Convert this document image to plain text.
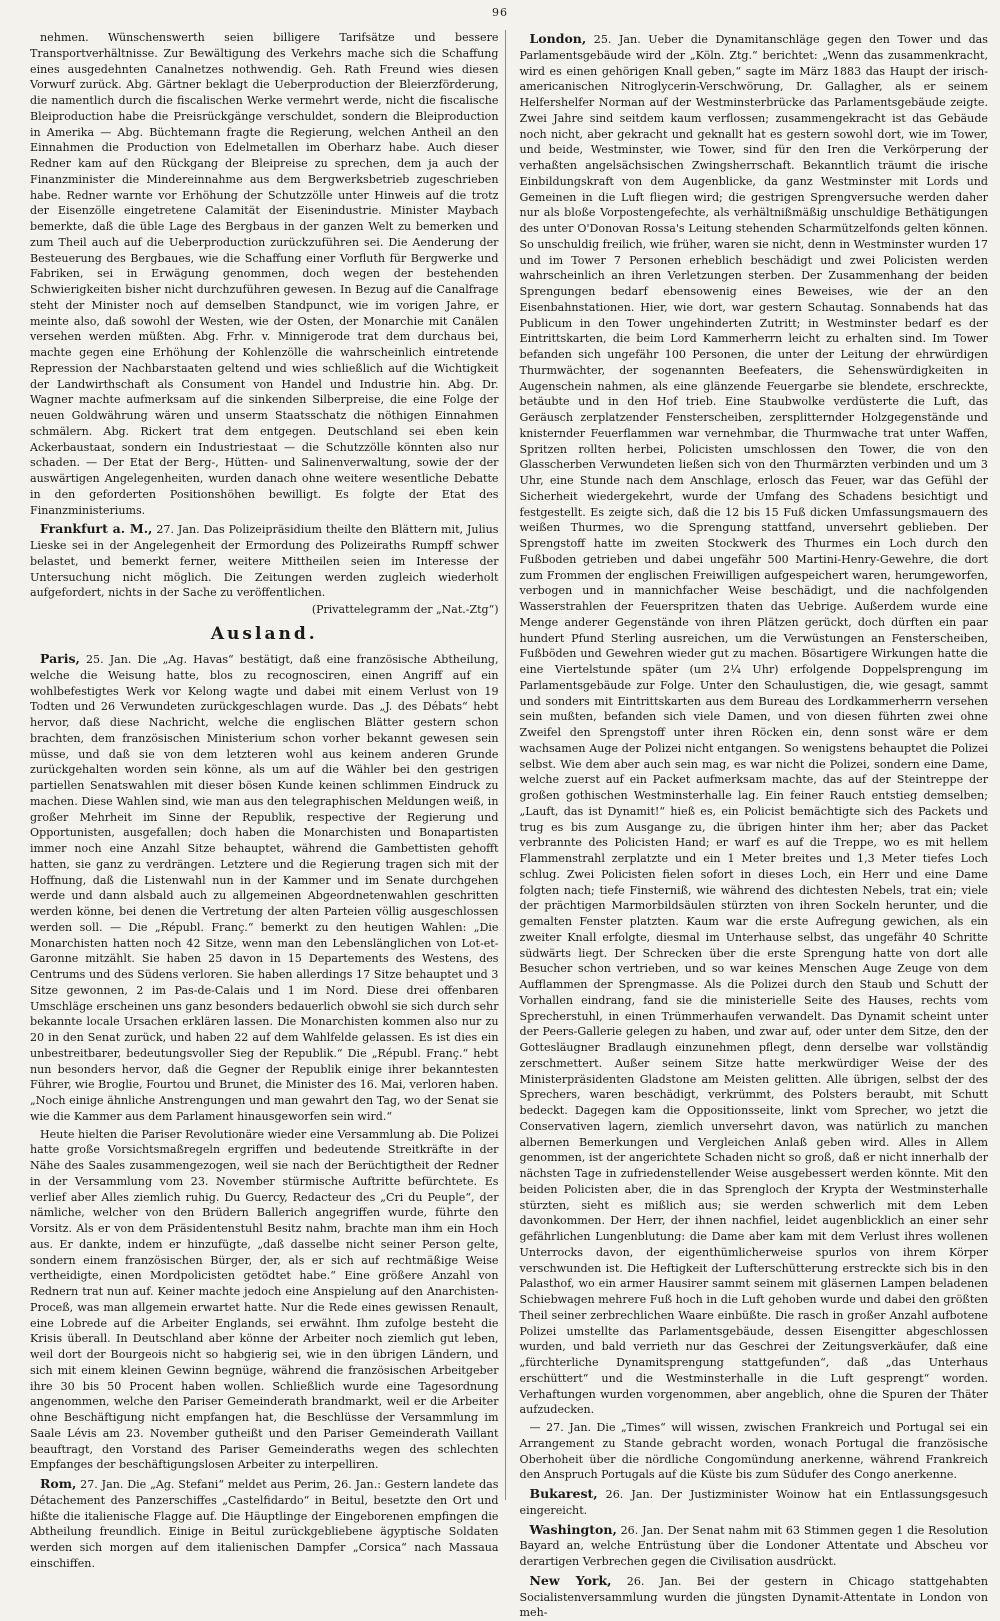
96

nehmen. Wünschenswerth seien billigere Tarifsätze und bessere Transportverhältnisse. Zur Bewältigung des Verkehrs mache sich die Schaffung eines ausgedehnten Canalnetzes nothwendig. Geh. Rath Freund wies diesen Vorwurf zurück. Abg. Gärtner beklagt die Ueberproduction der Bleierzförderung, die namentlich durch die fiscalischen Werke vermehrt werde, nicht die fiscalische Bleiproduction habe die Preisrückgänge verschuldet, sondern die Bleiproduction in Amerika — Abg. Büchtemann fragte die Regierung, welchen Antheil an den Einnahmen die Production von Edelmetallen im Oberharz habe. Auch dieser Redner kam auf den Rückgang der Bleipreise zu sprechen, dem ja auch der Finanzminister die Mindereinnahme aus dem Bergwerksbetrieb zugeschrieben habe. Redner warnte vor Erhöhung der Schutzzölle unter Hinweis auf die trotz der Eisenzölle eingetretene Calamität der Eisenindustrie. Minister Maybach bemerkte, daß die üble Lage des Bergbaus in der ganzen Welt zu bemerken und zum Theil auch auf die Ueberproduction zurückzuführen sei. Die Aenderung der Besteuerung des Bergbaues, wie die Schaffung einer Vorfluth für Bergwerke und Fabriken, sei in Erwägung genommen, doch wegen der bestehenden Schwierigkeiten bisher nicht durchzuführen gewesen. In Bezug auf die Canalfrage steht der Minister noch auf demselben Standpunct, wie im vorigen Jahre, er meinte also, daß sowohl der Westen, wie der Osten, der Monarchie mit Canälen versehen werden müßten. Abg. Frhr. v. Minnigerode trat dem durchaus bei, machte gegen eine Erhöhung der Kohlenzölle die wahrscheinlich eintretende Repression der Nachbarstaaten geltend und wies schließlich auf die Wichtigkeit der Landwirthschaft als Consument von Handel und Industrie hin. Abg. Dr. Wagner machte aufmerksam auf die sinkenden Silberpreise, die eine Folge der neuen Goldwährung wären und unserm Staatsschatz die nöthigen Einnahmen schmälern. Abg. Rickert trat dem entgegen. Deutschland sei eben kein Ackerbaustaat, sondern ein Industriestaat — die Schutzzölle könnten also nur schaden. — Der Etat der Berg-, Hütten- und Salinenverwaltung, sowie der der auswärtigen Angelegenheiten, wurden danach ohne weitere wesentliche Debatte in den geforderten Positionshöhen bewilligt. Es folgte der Etat des Finanzministeriums.

Frankfurt a. M., 27. Jan. Das Polizeipräsidium theilte den Blättern mit, Julius Lieske sei in der Angelegenheit der Ermordung des Polizeiraths Rumpff schwer belastet, und bemerkt ferner, weitere Mittheilen seien im Interesse der Untersuchung nicht möglich. Die Zeitungen werden zugleich wiederholt aufgefordert, nichts in der Sache zu veröffentlichen.

(Privattelegramm der „Nat.-Ztg“)
Ausland.

Paris, 25. Jan. Die „Ag. Havas“ bestätigt, daß eine französische Abtheilung, welche die Weisung hatte, blos zu recognosciren, einen Angriff auf ein wohlbefestigtes Werk vor Kelong wagte und dabei mit einem Verlust von 19 Todten und 26 Verwundeten zurückgeschlagen wurde. Das „J. des Débats“ hebt hervor, daß diese Nachricht, welche die englischen Blätter gestern schon brachten, dem französischen Ministerium schon vorher bekannt gewesen sein müsse, und daß sie von dem letzteren wohl aus keinem anderen Grunde zurückgehalten worden sein könne, als um auf die Wähler bei den gestrigen partiellen Senatswahlen mit dieser bösen Kunde keinen schlimmen Eindruck zu machen. Diese Wahlen sind, wie man aus den telegraphischen Meldungen weiß, in großer Mehrheit im Sinne der Republik, respective der Regierung und Opportunisten, ausgefallen; doch haben die Monarchisten und Bonapartisten immer noch eine Anzahl Sitze behauptet, während die Gambettisten gehofft hatten, sie ganz zu verdrängen. Letztere und die Regierung tragen sich mit der Hoffnung, daß die Listenwahl nun in der Kammer und im Senate durchgehen werde und dann alsbald auch zu allgemeinen Abgeordnetenwahlen geschritten werden könne, bei denen die Vertretung der alten Parteien völlig ausgeschlossen werden soll. — Die „Républ. Franç.“ bemerkt zu den heutigen Wahlen: „Die Monarchisten hatten noch 42 Sitze, wenn man den Lebenslänglichen von Lot-et-Garonne mitzählt. Sie haben 25 davon in 15 Departements des Westens, des Centrums und des Südens verloren. Sie haben allerdings 17 Sitze behauptet und 3 Sitze gewonnen, 2 im Pas-de-Calais und 1 im Nord. Diese drei offenbaren Umschläge erscheinen uns ganz besonders bedauerlich obwohl sie sich durch sehr bekannte locale Ursachen erklären lassen. Die Monarchisten kommen also nur zu 20 in den Senat zurück, und haben 22 auf dem Wahlfelde gelassen. Es ist dies ein unbestreitbarer, bedeutungsvoller Sieg der Republik.“ Die „Républ. Franç.“ hebt nun besonders hervor, daß die Gegner der Republik einige ihrer bekanntesten Führer, wie Broglie, Fourtou und Brunet, die Minister des 16. Mai, verloren haben. „Noch einige ähnliche Anstrengungen und man gewahrt den Tag, wo der Senat sie wie die Kammer aus dem Parlament hinausgeworfen sein wird.“

Heute hielten die Pariser Revolutionäre wieder eine Versammlung ab. Die Polizei hatte große Vorsichtsmaßregeln ergriffen und bedeutende Streitkräfte in der Nähe des Saales zusammengezogen, weil sie nach der Berüchtigtheit der Redner in der Versammlung vom 23. November stürmische Auftritte befürchtete. Es verlief aber Alles ziemlich ruhig. Du Guercy, Redacteur des „Cri du Peuple“, der nämliche, welcher von den Brüdern Ballerich angegriffen wurde, führte den Vorsitz. Als er von dem Präsidentenstuhl Besitz nahm, brachte man ihm ein Hoch aus. Er dankte, indem er hinzufügte, „daß dasselbe nicht seiner Person gelte, sondern einem französischen Bürger, der, als er sich auf rechtmäßige Weise vertheidigte, einen Mordpolicisten getödtet habe.“ Eine größere Anzahl von Rednern trat nun auf. Keiner machte jedoch eine Anspielung auf den Anarchisten-Proceß, was man allgemein erwartet hatte. Nur die Rede eines gewissen Renault, eine Lobrede auf die Arbeiter Englands, sei erwähnt. Ihm zufolge besteht die Krisis überall. In Deutschland aber könne der Arbeiter noch ziemlich gut leben, weil dort der Bourgeois nicht so habgierig sei, wie in den übrigen Ländern, und sich mit einem kleinen Gewinn begnüge, während die französischen Arbeitgeber ihre 30 bis 50 Procent haben wollen. Schließlich wurde eine Tagesordnung angenommen, welche den Pariser Gemeinderath brandmarkt, weil er die Arbeiter ohne Beschäftigung nicht empfangen hat, die Beschlüsse der Versammlung im Saale Lévis am 23. November gutheißt und den Pariser Gemeinderath Vaillant beauftragt, den Vorstand des Pariser Gemeinderaths wegen des schlechten Empfanges der beschäftigungslosen Arbeiter zu interpelliren.

Rom, 27. Jan. Die „Ag. Stefani“ meldet aus Perim, 26. Jan.: Gestern landete das Détachement des Panzerschiffes „Castelfidardo“ in Beitul, besetzte den Ort und hißte die italienische Flagge auf. Die Häuptlinge der Eingeborenen empfingen die Abtheilung freundlich. Einige in Beitul zurückgebliebene ägyptische Soldaten werden sich morgen auf dem italienischen Dampfer „Corsica“ nach Massaua einschiffen.

London, 25. Jan. Ueber die Dynamitanschläge gegen den Tower und das Parlamentsgebäude wird der „Köln. Ztg.“ berichtet: „Wenn das zusammenkracht, wird es einen gehörigen Knall geben,“ sagte im März 1883 das Haupt der irisch-americanischen Nitroglycerin-Verschwörung, Dr. Gallagher, als er seinem Helfershelfer Norman auf der Westminsterbrücke das Parlamentsgebäude zeigte. Zwei Jahre sind seitdem kaum verflossen; zusammengekracht ist das Gebäude noch nicht, aber gekracht und geknallt hat es gestern sowohl dort, wie im Tower, und beide, Westminster, wie Tower, sind für den Iren die Verkörperung der verhaßten angelsächsischen Zwingsherrschaft. Bekanntlich träumt die irische Einbildungskraft von dem Augenblicke, da ganz Westminster mit Lords und Gemeinen in die Luft fliegen wird; die gestrigen Sprengversuche werden daher nur als bloße Vorpostengefechte, als verhältnißmäßig unschuldige Bethätigungen des unter O'Donovan Rossa's Leitung stehenden Scharmützelfonds gelten können. So unschuldig freilich, wie früher, waren sie nicht, denn in Westminster wurden 17 und im Tower 7 Personen erheblich beschädigt und zwei Policisten werden wahrscheinlich an ihren Verletzungen sterben. Der Zusammenhang der beiden Sprengungen bedarf ebensowenig eines Beweises, wie der an den Eisenbahnstationen. Hier, wie dort, war gestern Schautag. Sonnabends hat das Publicum in den Tower ungehinderten Zutritt; in Westminster bedarf es der Eintrittskarten, die beim Lord Kammerherrn leicht zu erhalten sind. Im Tower befanden sich ungefähr 100 Personen, die unter der Leitung der ehrwürdigen Thurmwächter, der sogenannten Beefeaters, die Sehenswürdigkeiten in Augenschein nahmen, als eine glänzende Feuergarbe sie blendete, erschreckte, betäubte und in den Hof trieb. Eine Staubwolke verdüsterte die Luft, das Geräusch zerplatzender Fensterscheiben, zersplitternder Holzgegenstände und knisternder Feuerflammen war vernehmbar, die Thurmwache trat unter Waffen, Spritzen rollten herbei, Policisten umschlossen den Tower, die von den Glasscherben Verwundeten ließen sich von den Thurmärzten verbinden und um 3 Uhr, eine Stunde nach dem Anschlage, erlosch das Feuer, war das Gefühl der Sicherheit wiedergekehrt, wurde der Umfang des Schadens besichtigt und festgestellt. Es zeigte sich, daß die 12 bis 15 Fuß dicken Umfassungsmauern des weißen Thurmes, wo die Sprengung stattfand, unversehrt geblieben. Der Sprengstoff hatte im zweiten Stockwerk des Thurmes ein Loch durch den Fußboden getrieben und dabei ungefähr 500 Martini-Henry-Gewehre, die dort zum Frommen der englischen Freiwilligen aufgespeichert waren, herumgeworfen, verbogen und in mannichfacher Weise beschädigt, und die nachfolgenden Wasserstrahlen der Feuerspritzen thaten das Uebrige. Außerdem wurde eine Menge anderer Gegenstände von ihren Plätzen gerückt, doch dürften ein paar hundert Pfund Sterling ausreichen, um die Verwüstungen an Fensterscheiben, Fußböden und Gewehren wieder gut zu machen. Bösartigere Wirkungen hatte die eine Viertelstunde später (um 2¼ Uhr) erfolgende Doppelsprengung im Parlamentsgebäude zur Folge. Unter den Schaulustigen, die, wie gesagt, sammt und sonders mit Eintrittskarten aus dem Bureau des Lordkammerherrn versehen sein mußten, befanden sich viele Damen, und von diesen führten zwei ohne Zweifel den Sprengstoff unter ihren Röcken ein, denn sonst wäre er dem wachsamen Auge der Polizei nicht entgangen. So wenigstens behauptet die Polizei selbst. Wie dem aber auch sein mag, es war nicht die Polizei, sondern eine Dame, welche zuerst auf ein Packet aufmerksam machte, das auf der Steintreppe der großen gothischen Westminsterhalle lag. Ein feiner Rauch entstieg demselben; „Lauft, das ist Dynamit!“ hieß es, ein Policist bemächtigte sich des Packets und trug es bis zum Ausgange zu, die übrigen hinter ihm her; aber das Packet verbrannte des Policisten Hand; er warf es auf die Treppe, wo es mit hellem Flammenstrahl zerplatzte und ein 1 Meter breites und 1,3 Meter tiefes Loch schlug. Zwei Policisten fielen sofort in dieses Loch, ein Herr und eine Dame folgten nach; tiefe Finsterniß, wie während des dichtesten Nebels, trat ein; viele der prächtigen Marmorbildsäulen stürzten von ihren Sockeln herunter, und die gemalten Fenster platzten. Kaum war die erste Aufregung gewichen, als ein zweiter Knall erfolgte, diesmal im Unterhause selbst, das ungefähr 40 Schritte südwärts liegt. Der Schrecken über die erste Sprengung hatte von dort alle Besucher schon vertrieben, und so war keines Menschen Auge Zeuge von dem Aufflammen der Sprengmasse. Als die Polizei durch den Staub und Schutt der Vorhallen eindrang, fand sie die ministerielle Seite des Hauses, rechts vom Sprecherstuhl, in einen Trümmerhaufen verwandelt. Das Dynamit scheint unter der Peers-Gallerie gelegen zu haben, und zwar auf, oder unter dem Sitze, den der Gottesläugner Bradlaugh einzunehmen pflegt, denn derselbe war vollständig zerschmettert. Außer seinem Sitze hatte merkwürdiger Weise der des Ministerpräsidenten Gladstone am Meisten gelitten. Alle übrigen, selbst der des Sprechers, waren beschädigt, verkrümmt, des Polsters beraubt, mit Schutt bedeckt. Dagegen kam die Oppositionsseite, linkt vom Sprecher, wo jetzt die Conservativen lagern, ziemlich unversehrt davon, was natürlich zu manchen albernen Bemerkungen und Vergleichen Anlaß geben wird. Alles in Allem genommen, ist der angerichtete Schaden nicht so groß, daß er nicht innerhalb der nächsten Tage in zufriedenstellender Weise ausgebessert werden könnte. Mit den beiden Policisten aber, die in das Sprengloch der Krypta der Westminsterhalle stürzten, sieht es mißlich aus; sie werden schwerlich mit dem Leben davonkommen. Der Herr, der ihnen nachfiel, leidet augenblicklich an einer sehr gefährlichen Lungenblutung: die Dame aber kam mit dem Verlust ihres wollenen Unterrocks davon, der eigenthümlicherweise spurlos von ihrem Körper verschwunden ist. Die Heftigkeit der Lufterschütterung erstreckte sich bis in den Palasthof, wo ein armer Hausirer sammt seinem mit gläsernen Lampen beladenen Schiebwagen mehrere Fuß hoch in die Luft gehoben wurde und dabei den größten Theil seiner zerbrechlichen Waare einbüßte. Die rasch in großer Anzahl aufbotene Polizei umstellte das Parlamentsgebäude, dessen Eisengitter abgeschlossen wurden, und bald verrieth nur das Geschrei der Zeitungsverkäufer, daß eine „fürchterliche Dynamitsprengung stattgefunden“, daß „das Unterhaus erschüttert“ und die Westminsterhalle in die Luft gesprengt“ worden. Verhaftungen wurden vorgenommen, aber angeblich, ohne die Spuren der Thäter aufzudecken.

— 27. Jan. Die „Times“ will wissen, zwischen Frankreich und Portugal sei ein Arrangement zu Stande gebracht worden, wonach Portugal die französische Oberhoheit über die nördliche Congomündung anerkenne, während Frankreich den Anspruch Portugals auf die Küste bis zum Südufer des Congo anerkenne.

Bukarest, 26. Jan. Der Justizminister Woinow hat ein Entlassungsgesuch eingereicht.

Washington, 26. Jan. Der Senat nahm mit 63 Stimmen gegen 1 die Resolution Bayard an, welche Entrüstung über die Londoner Attentate und Abscheu vor derartigen Verbrechen gegen die Civilisation ausdrückt.

New York, 26. Jan. Bei der gestern in Chicago stattgehabten Socialistenversammlung wurden die jüngsten Dynamit-Attentate in London von meh-
